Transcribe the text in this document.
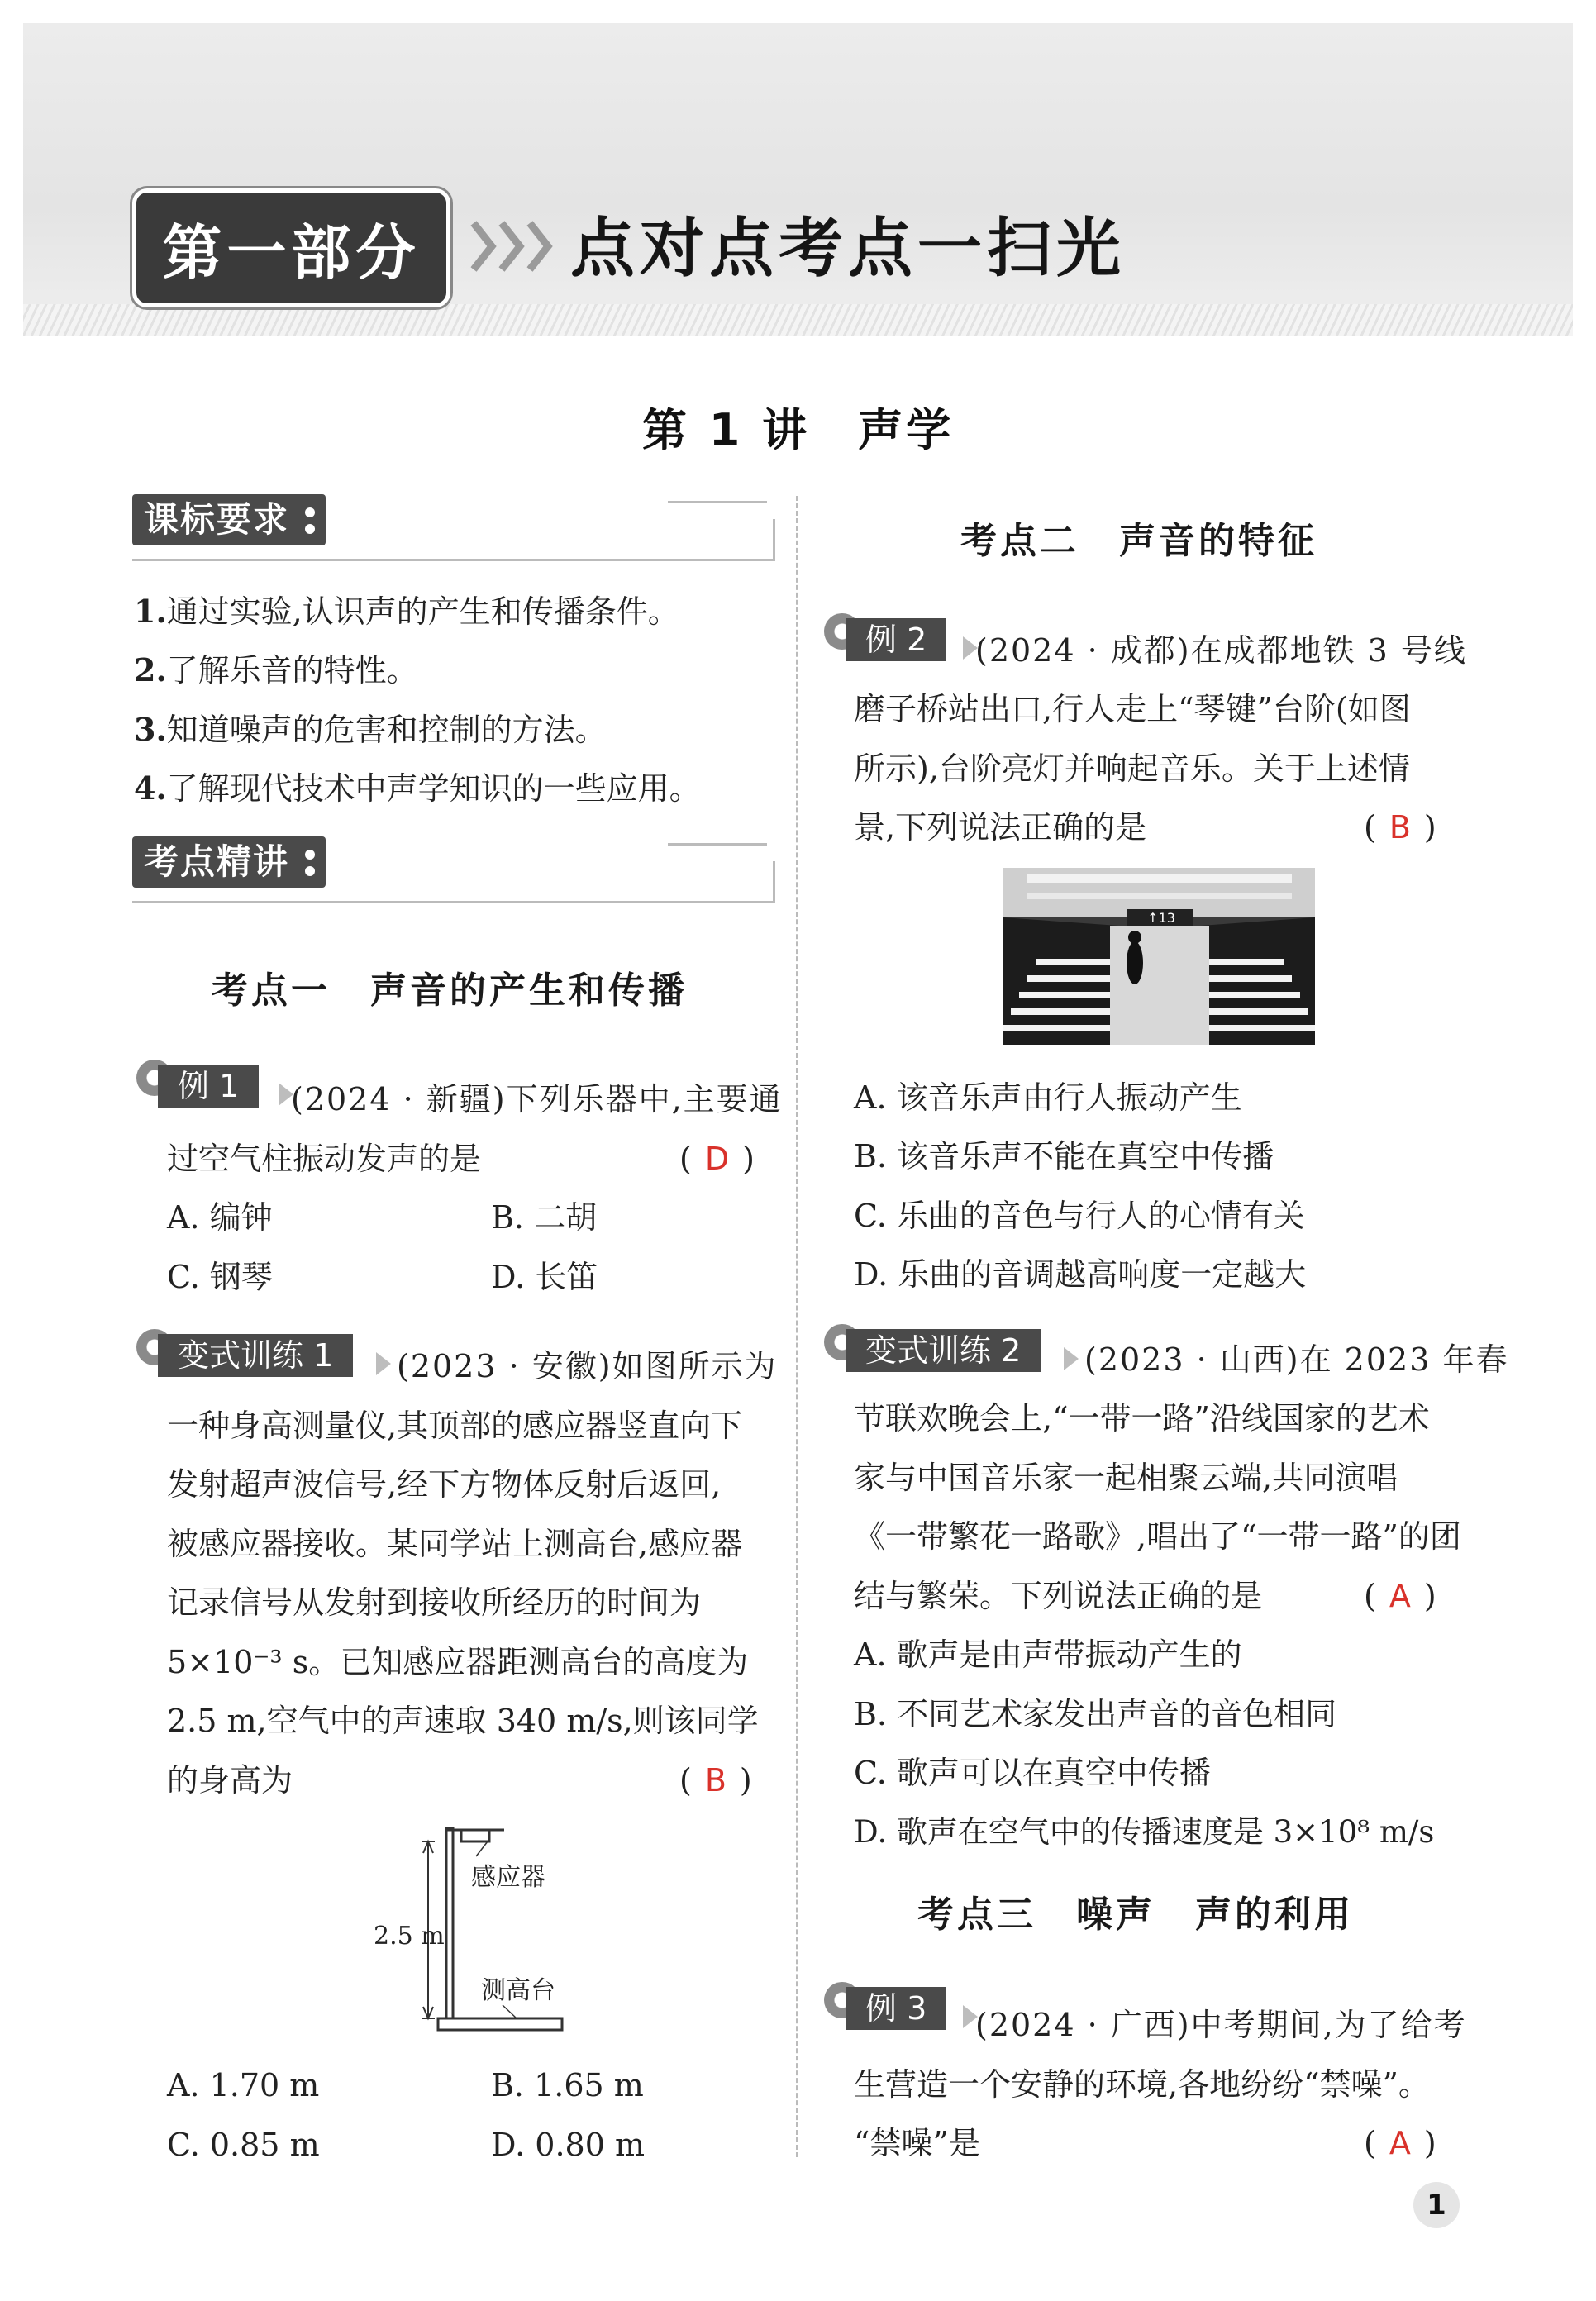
第一部分	点对点考点一扫光
第 1 讲　声学
课标要求
1.通过实验,认识声的产生和传播条件。
2.了解乐音的特性。
3.知道噪声的危害和控制的方法。
4.了解现代技术中声学知识的一些应用。
考点精讲
考点一　声音的产生和传播
例 1	(2024 · 新疆)下列乐器中,主要通
过空气柱振动发声的是	( D )
A. 编钟	B. 二胡
C. 钢琴	D. 长笛
变式训练 1	(2023 · 安徽)如图所示为
一种身高测量仪,其顶部的感应器竖直向下
发射超声波信号,经下方物体反射后返回,
被感应器接收。某同学站上测高台,感应器
记录信号从发射到接收所经历的时间为
5×10⁻³ s。已知感应器距测高台的高度为
2.5 m,空气中的声速取 340 m/s,则该同学
的身高为	( B )
感应器
2.5 m
测高台
A. 1.70 m	B. 1.65 m
C. 0.85 m	D. 0.80 m
考点二　声音的特征
例 2	(2024 · 成都)在成都地铁 3 号线
磨子桥站出口,行人走上“琴键”台阶(如图
所示),台阶亮灯并响起音乐。关于上述情
景,下列说法正确的是	( B )
↑13
A. 该音乐声由行人振动产生
B. 该音乐声不能在真空中传播
C. 乐曲的音色与行人的心情有关
D. 乐曲的音调越高响度一定越大
变式训练 2	(2023 · 山西)在 2023 年春
节联欢晚会上,“一带一路”沿线国家的艺术
家与中国音乐家一起相聚云端,共同演唱
《一带繁花一路歌》,唱出了“一带一路”的团
结与繁荣。下列说法正确的是	( A )
A. 歌声是由声带振动产生的
B. 不同艺术家发出声音的音色相同
C. 歌声可以在真空中传播
D. 歌声在空气中的传播速度是 3×10⁸ m/s
考点三　噪声　声的利用
例 3	(2024 · 广西)中考期间,为了给考
生营造一个安静的环境,各地纷纷“禁噪”。
“禁噪”是	( A )
1
